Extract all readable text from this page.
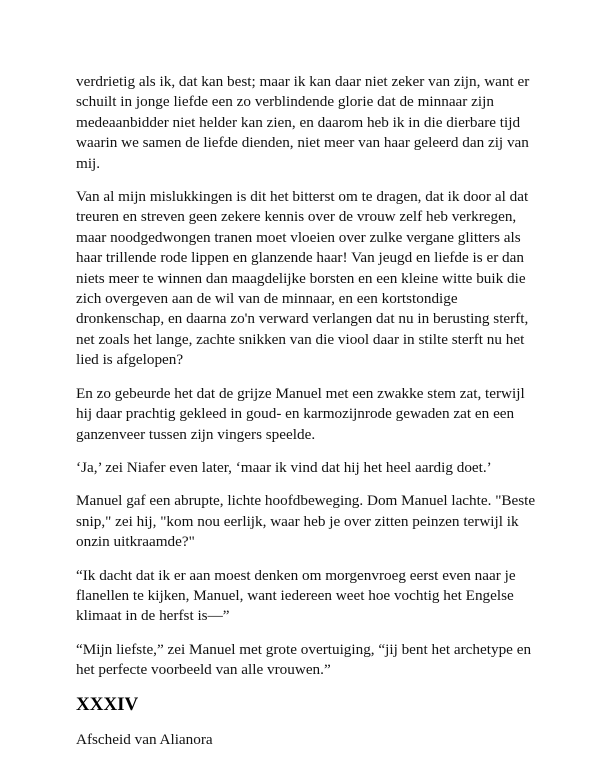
verdrietig als ik, dat kan best; maar ik kan daar niet zeker van zijn, want er schuilt in jonge liefde een zo verblindende glorie dat de minnaar zijn medeaanbidder niet helder kan zien, en daarom heb ik in die dierbare tijd waarin we samen de liefde dienden, niet meer van haar geleerd dan zij van mij.

Van al mijn mislukkingen is dit het bitterst om te dragen, dat ik door al dat treuren en streven geen zekere kennis over de vrouw zelf heb verkregen, maar noodgedwongen tranen moet vloeien over zulke vergane glitters als haar trillende rode lippen en glanzende haar! Van jeugd en liefde is er dan niets meer te winnen dan maagdelijke borsten en een kleine witte buik die zich overgeven aan de wil van de minnaar, en een kortstondige dronkenschap, en daarna zo'n verward verlangen dat nu in berusting sterft, net zoals het lange, zachte snikken van die viool daar in stilte sterft nu het lied is afgelopen?

En zo gebeurde het dat de grijze Manuel met een zwakke stem zat, terwijl hij daar prachtig gekleed in goud- en karmozijnrode gewaden zat en een ganzenveer tussen zijn vingers speelde.

‘Ja,’ zei Niafer even later, ‘maar ik vind dat hij het heel aardig doet.’

Manuel gaf een abrupte, lichte hoofdbeweging. Dom Manuel lachte. "Beste snip," zei hij, "kom nou eerlijk, waar heb je over zitten peinzen terwijl ik onzin uitkraamde?"

“Ik dacht dat ik er aan moest denken om morgenvroeg eerst even naar je flanellen te kijken, Manuel, want iedereen weet hoe vochtig het Engelse klimaat in de herfst is—”

“Mijn liefste,” zei Manuel met grote overtuiging, “jij bent het archetype en het perfecte voorbeeld van alle vrouwen.”

XXXIV

Afscheid van Alianora
